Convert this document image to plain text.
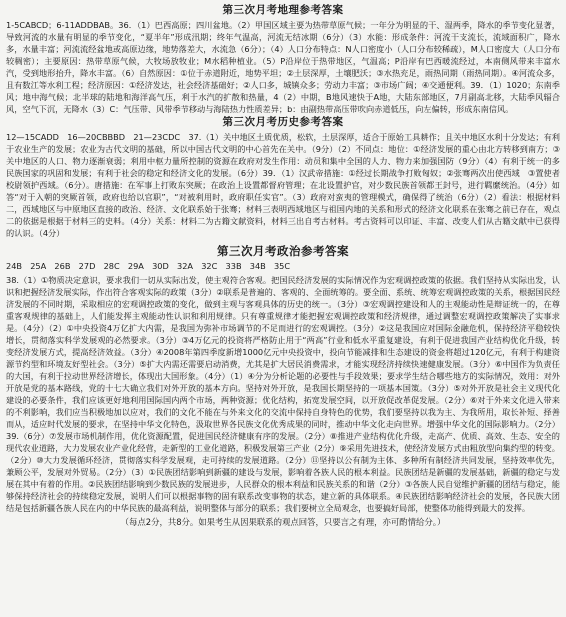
第三次月考地理参考答案

1-5CABCD；6-11ADDBAB。36．（1）巴西高原；四川盆地。（2）甲国区域主要为热带草原气候；一年分为明显的干、湿两季，降水的季节变化显著，导致河流的水量有明显的季节变化，“夏半年”形成汛期；终年气温高，河流无结冰期（6分）（3）水能：形成条件：河流干支流长，流域面积广，降水多，水量丰富；河流流经盆地或高原边缘，地势落差大，水流急（6分）；（4）人口分布特点：N人口密度小（人口分布较稀疏），M人口密度大（人口分布较稠密）；主要原因：热带草原气候，大牧场放牧业；M水稻种植业。（5）P沿岸位于热带地区，气温高；P沿岸有巴西暖流经过，本南侧风带来丰富水汽，受到地形抬升，降水丰富。（6）自然原因：①位于赤道附近，地势平坦；②土层深厚，土壤肥沃；③水热充足，雨热同期（雨热同期）。④河流众多，且有数江等水利工程；经济原因：①经济发达，社会经济基础好；②人口多，城镇众多；劳动力丰富；③市场广阔；④交通便利。39．（1）1020；东南季风；地中海气候；北半球的陆地和海洋高气压，利于水汽的扩散和热量，4（2）中期，B地风速快于A地，大陆东部地区，7月副高北移，大陆季风辐合风，空气下沉，无降水（3）C：气压带、风带季节移动与海陆热力性质差异；b：由副热带高压带吹向赤道低压，向左偏转，形成东南信风。

第三次月考历史参考答案

12—15CADD　16—20CBBBD　21—23CDC　37.（1）关中地区土质优质，松软，土层深厚，适合于原始工具耕作；且关中地区水利十分发达；有利于农业生产的发展；农业为古代文明的基础，所以中国古代文明的中心首先在关中。（9分）（2）不同点：地位：①经济发展的重心由北方转移到南方；③关中地区的人口、物力逐渐衰弱；利用中枢力量所控制的资源在政府对发生作用：动员和集中全国的人力、物力来加强国防（9分）（4）有利于统一的多民族国家的巩固和发展；有利于社会的稳定和经济文化的发展。（6分）39．（1）汉武帝措施：①经过长期战争打败匈奴；②张骞两次出使西域　③置使者校尉领护西域。（6分）。唐措施：在军事上打败东突厥；在政治上设置都督府管理；在北设置护官，对少数民族首领都王封号，进行羁縻统治。（4分）如答“对于入朝的突厥首领，政府也给以官职”，“对被利用时，政府职任实官”。（3）政府对蛮夷的管理模式，确保得了统治（6分）（2）看法：根据材料二，西域地区与中原地区直接的政治、经济、文化联系始于张骞；材料三表明西域地区与祖国内地的关系和形式的经济文化联系在张骞之前已存在，观点二的依据是根据于材料三的史料。（4分）关系：材料二为古籍文献资料，材料三出自考古材料。考古资料可以印证、丰富、改变人们从古籍文献中已获得的认识。（4分）

第三次月考政治参考答案
24B　25A　26B　27D　28C　29A　30D　32A　32C　33B　34B　35C

38.（1）①物质决定意识，要求我们一切从实际出发，使主观符合客观。把国民经济发展的实际情况作为宏观调控政策的依据。我们坚持从实际出发，认识和把握经济发展实际，作出符合客观实际的政策（3分）②联系是普遍的、客观的、全面统筹的。要全面、系统、统筹宏观调控政策的关系，根据国民经济发展的不同时期，采取相应的宏观调控政策的变化，做到主观与客观具体的历史的统一。（3分）③宏观调控建设和人的主观能动性是辩证统一的，在尊重客观规律的基础上，人们能发挥主观能动性认识和利用规律。只有尊重规律才能把握宏观调控政策和经济规律，通过调整宏观调控政策解决了实事求是。（4分）（2）①中央投资4万亿扩大内需，是我国为弥补市场调节的不足而进行的宏观调控。（3分）②这是我国应对国际金融危机，保持经济平稳较快增长，贯彻落实科学发展观的必然要求。（3分）③4万亿元的投资将严格防止用于“两高”行业和低水平重复建设，有利于促进我国产业结构优化升级，转变经济发展方式，提高经济效益。（3分）④2008年第四季度新增1000亿元中央投资中，投向节能减排和生态建设的资金将超过120亿元，有利于构建资源节约型和环境友好型社会。（3分）⑤扩大内需还需要启动消费，尤其是扩大居民消费需求，才能实现经济持续快速健康发展。（3分）⑥中国作为负责任的大国，有利于拉动世界经济增长，体现出大国形象。（4分）（1）④分为分析论题的必要性与手段效果；要求学生结合哪些地方的实际情况，效用：对外开放是党的基本路线，党的十七大确立我们对外开放的基本方向。坚持对外开放，是我国长期坚持的一项基本国策。（3分）⑤对外开放是社会主义现代化建设的必要条件，我们应该更好地利用国际国内两个市场，两种资源；优化结构，拓宽发展空间，以开放促改革促发展。（2分）⑥对于外来文化进入带来的不利影响，我们应当积极地加以应对，我们的文化不能在与外来文化的交流中保持自身特色的优势，我们要坚持以我为主、为我所用，取长补短、择善而从，适应时代发展的要求，在坚持中华文化特色，汲取世界各民族文化优秀成果的同时，推动中华文化走向世界。增强中华文化的国际影响力。（2分）39.（6分）⑦发展市场机制作用，优化资源配置，促进国民经济健康有序的发展。（2分）⑧推进产业结构优化升级，走高产、优质、高效、生态、安全的现代农业道路，大力发展农业产业化经营，走新型的工业化道路，积极发展第三产业（2分）⑨采用先进技术，使经济发展方式由粗放型向集约型的转变。（2分）⑩大力发展循环经济，贯彻落实科学发展观，走可持续的发展道路。（2分）⑪坚持以公有制为主体、多种所有制经济共同发展，坚持效率优先，兼顾公平，发展对外贸易。（2分）（3）①民族团结影响到新疆的建设与发展，影响着各族人民的根本利益。民族团结是新疆的发展基础，新疆的稳定与发展在其中有着的作用。②民族团结影响到少数民族的发展进步，人民群众的根本利益和民族关系的和谐（2分）③各族人民自觉维护新疆的团结与稳定，能够保持经济社会的持续稳定发展，说明人们可以根据事物的固有联系改变事物的状态，建立新的具体联系。④民族团结影响经济社会的发展，各民族大团结是包括新疆各族人民在内的中华民族的最高利益，说明整体与部分的联系；我们要树立全局观念，也要搞好局部，使整体功能得到最大的发挥。

（每点2分，共8分。如果考生从因果联系的观点回答，只要言之有理，亦可酌情给分。）
